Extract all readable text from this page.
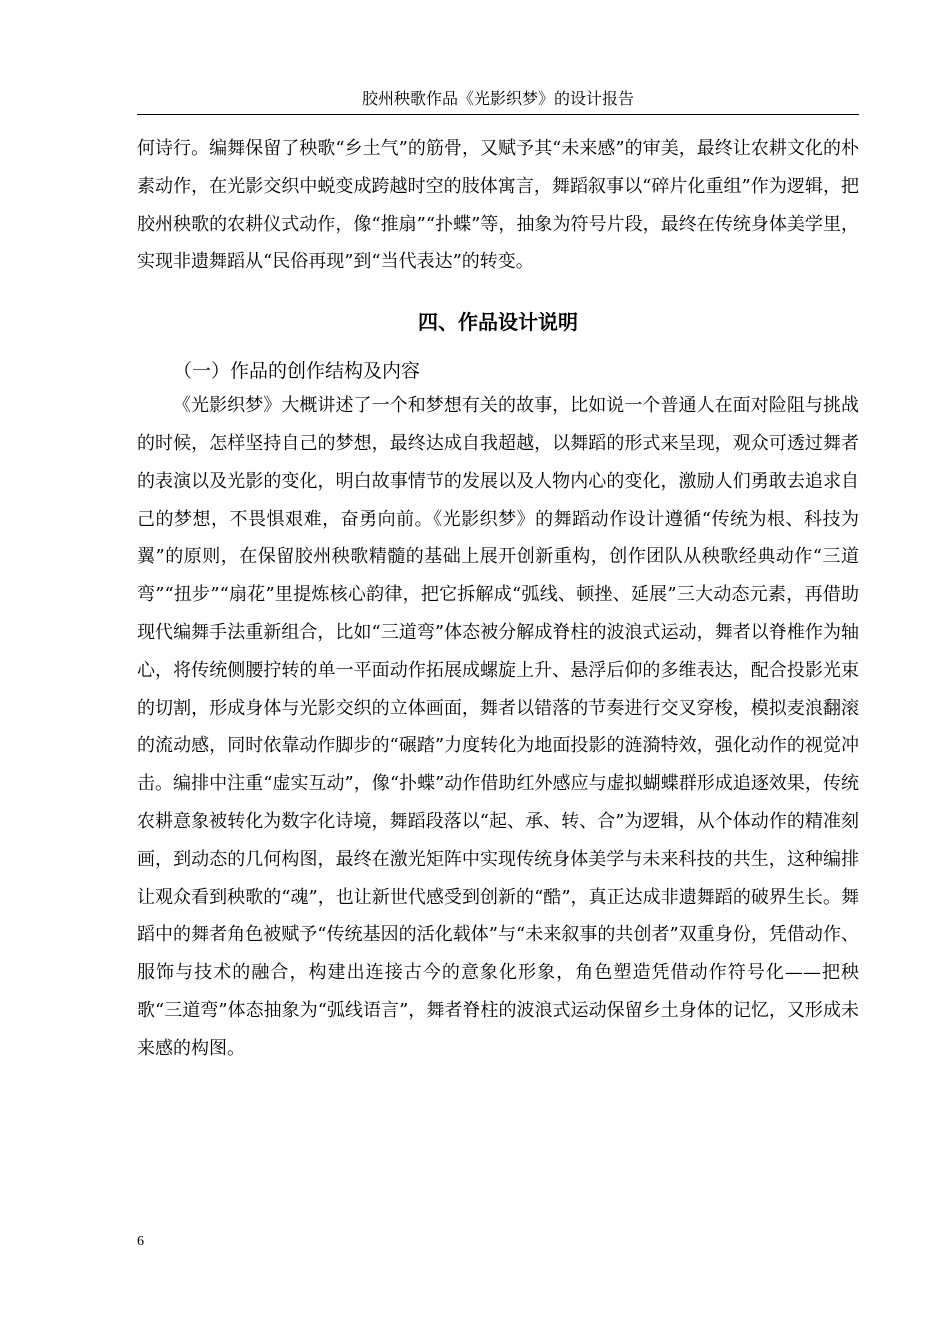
胶州秧歌作品《光影织梦》的设计报告

何诗行。编舞保留了秧歌“乡土气”的筋骨，又赋予其“未来感”的审美，最终让农耕文化的朴素动作，在光影交织中蜕变成跨越时空的肢体寓言，舞蹈叙事以“碎片化重组”作为逻辑，把胶州秧歌的农耕仪式动作，像“推扇”“扑蝶”等，抽象为符号片段，最终在传统身体美学里，实现非遗舞蹈从“民俗再现”到“当代表达”的转变。

四、作品设计说明
（一）作品的创作结构及内容

《光影织梦》大概讲述了一个和梦想有关的故事，比如说一个普通人在面对险阻与挑战的时候，怎样坚持自己的梦想，最终达成自我超越，以舞蹈的形式来呈现，观众可透过舞者的表演以及光影的变化，明白故事情节的发展以及人物内心的变化，激励人们勇敢去追求自己的梦想，不畏惧艰难，奋勇向前。《光影织梦》的舞蹈动作设计遵循“传统为根、科技为翼”的原则，在保留胶州秧歌精髓的基础上展开创新重构，创作团队从秧歌经典动作“三道弯”“扭步”“扇花”里提炼核心韵律，把它拆解成“弧线、顿挫、延展”三大动态元素，再借助现代编舞手法重新组合，比如“三道弯”体态被分解成脊柱的波浪式运动，舞者以脊椎作为轴心，将传统侧腰拧转的单一平面动作拓展成螺旋上升、悬浮后仰的多维表达，配合投影光束的切割，形成身体与光影交织的立体画面，舞者以错落的节奏进行交叉穿梭，模拟麦浪翻滚的流动感，同时依靠动作脚步的“碾踏”力度转化为地面投影的涟漪特效，强化动作的视觉冲击。编排中注重“虚实互动”，像“扑蝶”动作借助红外感应与虚拟蝴蝶群形成追逐效果，传统农耕意象被转化为数字化诗境，舞蹈段落以“起、承、转、合”为逻辑，从个体动作的精准刻画，到动态的几何构图，最终在激光矩阵中实现传统身体美学与未来科技的共生，这种编排让观众看到秧歌的“魂”，也让新世代感受到创新的“酷”，真正达成非遗舞蹈的破界生长。舞蹈中的舞者角色被赋予“传统基因的活化载体”与“未来叙事的共创者”双重身份，凭借动作、服饰与技术的融合，构建出连接古今的意象化形象，角色塑造凭借动作符号化——把秧歌“三道弯”体态抽象为“弧线语言”，舞者脊柱的波浪式运动保留乡土身体的记忆，又形成未来感的构图。

6
